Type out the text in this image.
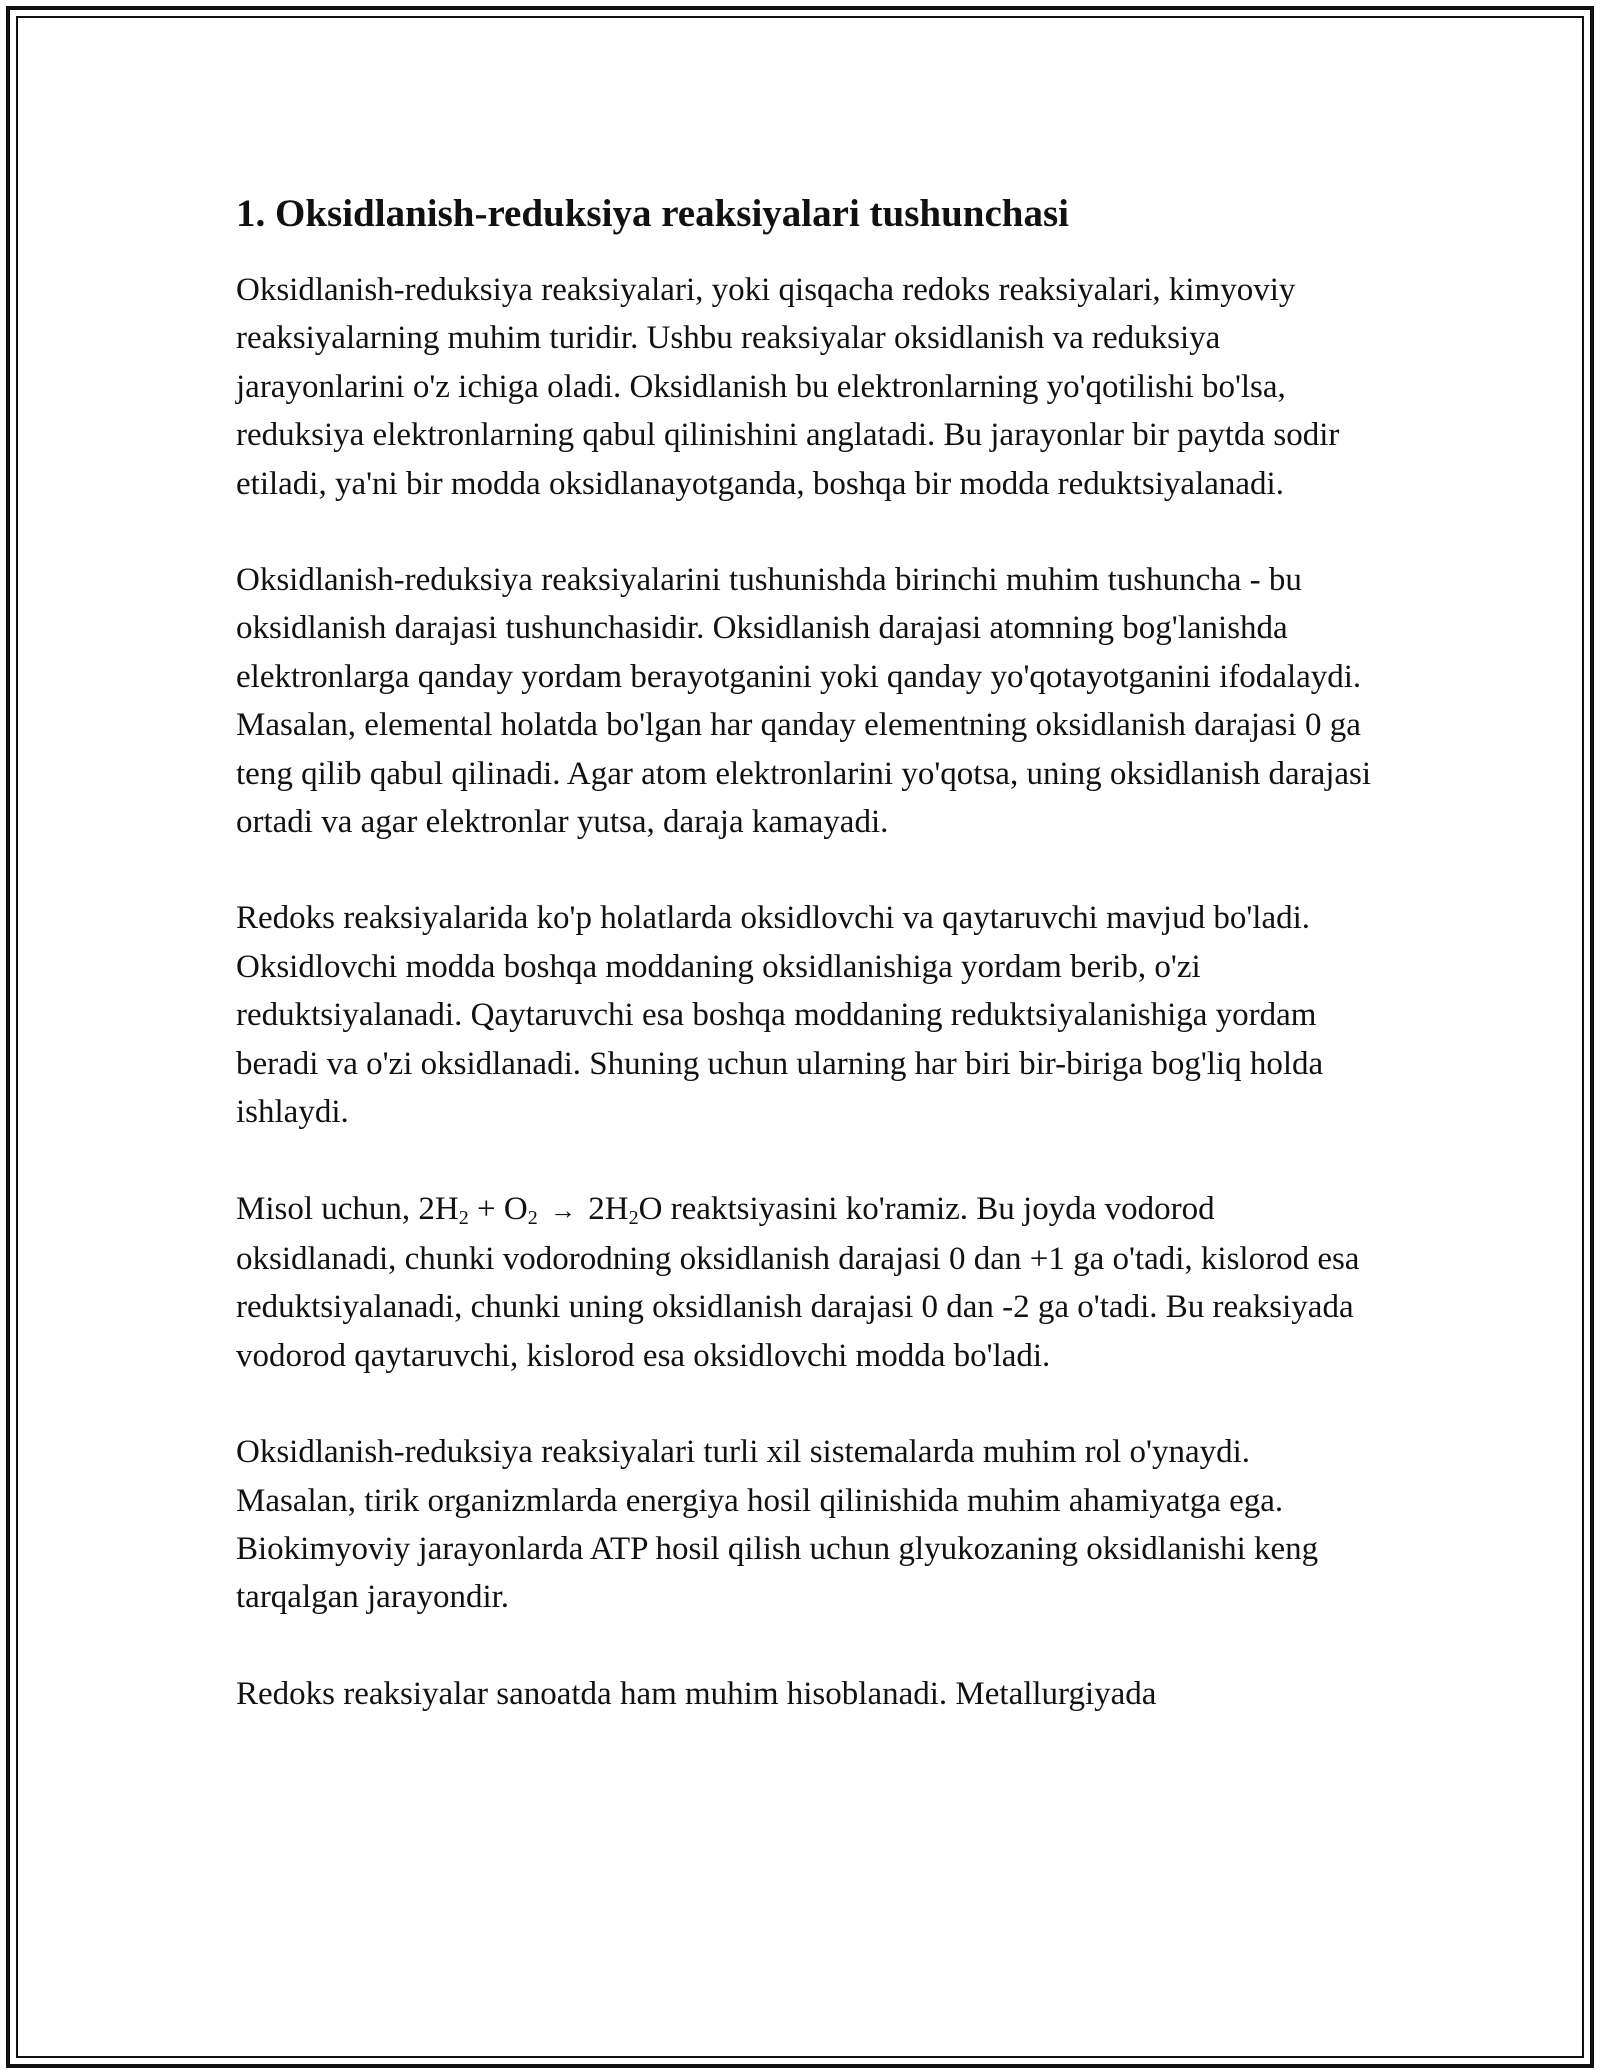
1. Oksidlanish-reduksiya reaksiyalari tushunchasi

Oksidlanish-reduksiya reaksiyalari, yoki qisqacha redoks reaksiyalari, kimyoviy reaksiyalarning muhim turidir. Ushbu reaksiyalar oksidlanish va reduksiya jarayonlarini o'z ichiga oladi. Oksidlanish bu elektronlarning yo'qotilishi bo'lsa, reduksiya elektronlarning qabul qilinishini anglatadi. Bu jarayonlar bir paytda sodir etiladi, ya'ni bir modda oksidlanayotganda, boshqa bir modda reduktsiyalanadi.

Oksidlanish-reduksiya reaksiyalarini tushunishda birinchi muhim tushuncha - bu oksidlanish darajasi tushunchasidir. Oksidlanish darajasi atomning bog'lanishda elektronlarga qanday yordam berayotganini yoki qanday yo'qotayotganini ifodalaydi. Masalan, elemental holatda bo'lgan har qanday elementning oksidlanish darajasi 0 ga teng qilib qabul qilinadi. Agar atom elektronlarini yo'qotsa, uning oksidlanish darajasi ortadi va agar elektronlar yutsa, daraja kamayadi.

Redoks reaksiyalarida ko'p holatlarda oksidlovchi va qaytaruvchi mavjud bo'ladi. Oksidlovchi modda boshqa moddaning oksidlanishiga yordam berib, o'zi reduktsiyalanadi. Qaytaruvchi esa boshqa moddaning reduktsiyalanishiga yordam beradi va o'zi oksidlanadi. Shuning uchun ularning har biri bir-biriga bog'liq holda ishlaydi.

Misol uchun, $2H_2 + O_2 \to 2H_2O$ reaktsiyasini ko'ramiz. Bu joyda vodorod oksidlanadi, chunki vodorodning oksidlanish darajasi 0 dan +1 ga o'tadi, kislorod esa reduktsiyalanadi, chunki uning oksidlanish darajasi 0 dan -2 ga o'tadi. Bu reaksiyada vodorod qaytaruvchi, kislorod esa oksidlovchi modda bo'ladi.

Oksidlanish-reduksiya reaksiyalari turli xil sistemalarda muhim rol o'ynaydi. Masalan, tirik organizmlarda energiya hosil qilinishida muhim ahamiyatga ega. Biokimyoviy jarayonlarda ATP hosil qilish uchun glyukozaning oksidlanishi keng tarqalgan jarayondir.

Redoks reaksiyalar sanoatda ham muhim hisoblanadi. Metallurgiyada
